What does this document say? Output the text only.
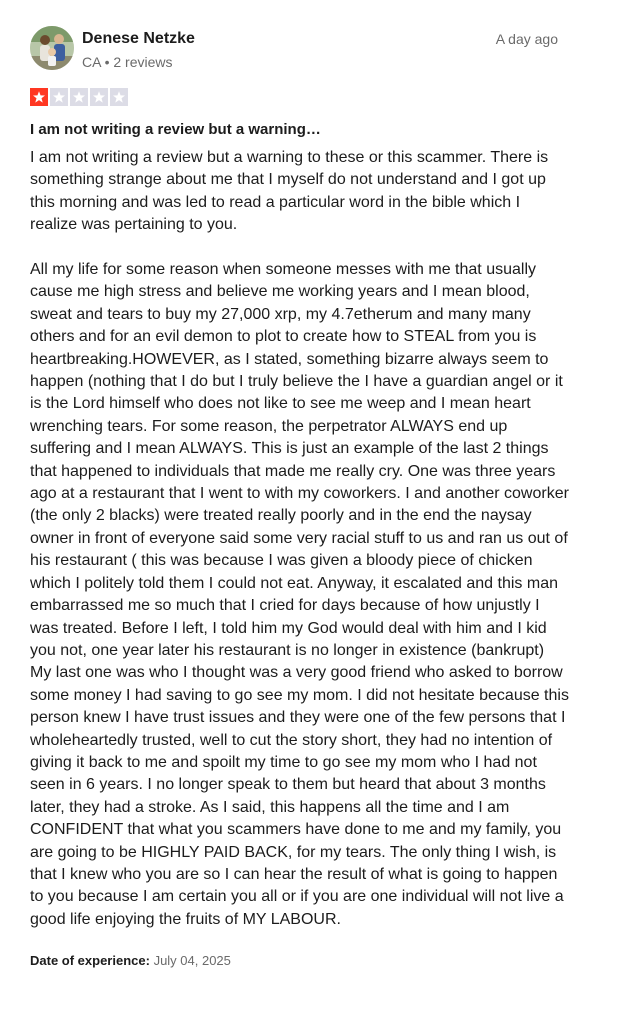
Denese Netzke
CA • 2 reviews
A day ago
I am not writing a review but a warning…

I am not writing a review but a warning to these or this scammer. There is something strange about me that I myself do not understand and I got up this morning and was led to read a particular word in the bible which I realize was pertaining to you.

All my life for some reason when someone messes with me that usually cause me high stress and believe me working years and I mean blood, sweat and tears to buy my 27,000 xrp, my 4.7etherum and many many others and for an evil demon to plot to create how to STEAL from you is heartbreaking.HOWEVER, as I stated, something bizarre always seem to happen (nothing that I do but I truly believe the I have a guardian angel or it is the Lord himself who does not like to see me weep and I mean heart wrenching tears. For some reason, the perpetrator ALWAYS end up suffering and I mean ALWAYS. This is just an example of the last 2 things that happened to individuals that made me really cry. One was three years ago at a restaurant that I went to with my coworkers. I and another coworker (the only 2 blacks) were treated really poorly and in the end the naysay owner in front of everyone said some very racial stuff to us and ran us out of his restaurant ( this was because I was given a bloody piece of chicken which I politely told them I could not eat. Anyway, it escalated and this man embarrassed me so much that I cried for days because of how unjustly I was treated. Before I left, I told him my God would deal with him and I kid you not, one year later his restaurant is no longer in existence (bankrupt)

My last one was who I thought was a very good friend who asked to borrow some money I had saving to go see my mom. I did not hesitate because this person knew I have trust issues and they were one of the few persons that I wholeheartedly trusted, well to cut the story short, they had no intention of giving it back to me and spoilt my time to go see my mom who I had not seen in 6 years. I no longer speak to them but heard that about 3 months later, they had a stroke. As I said, this happens all the time and I am CONFIDENT that what you scammers have done to me and my family, you are going to be HIGHLY PAID BACK, for my tears. The only thing I wish, is that I knew who you are so I can hear the result of what is going to happen to you because I am certain you all or if you are one individual will not live a good life enjoying the fruits of MY LABOUR.

Date of experience: July 04, 2025
